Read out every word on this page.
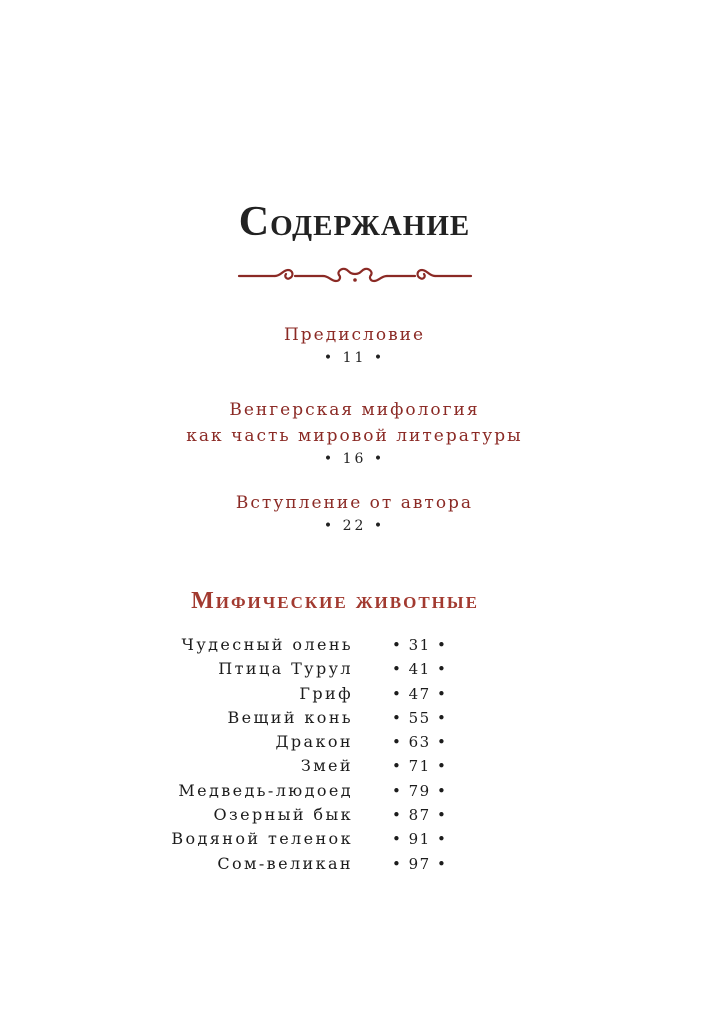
Содержание
Предисловие
• 11 •
Венгерская мифология
как часть мировой литературы
• 16 •
Вступление от автора
• 22 •
Мифические животные
Чудесный олень	• 31 •
Птица Турул	• 41 •
Гриф	• 47 •
Вещий конь	• 55 •
Дракон	• 63 •
Змей	• 71 •
Медведь-людоед	• 79 •
Озерный бык	• 87 •
Водяной теленок	• 91 •
Сом-великан	• 97 •
